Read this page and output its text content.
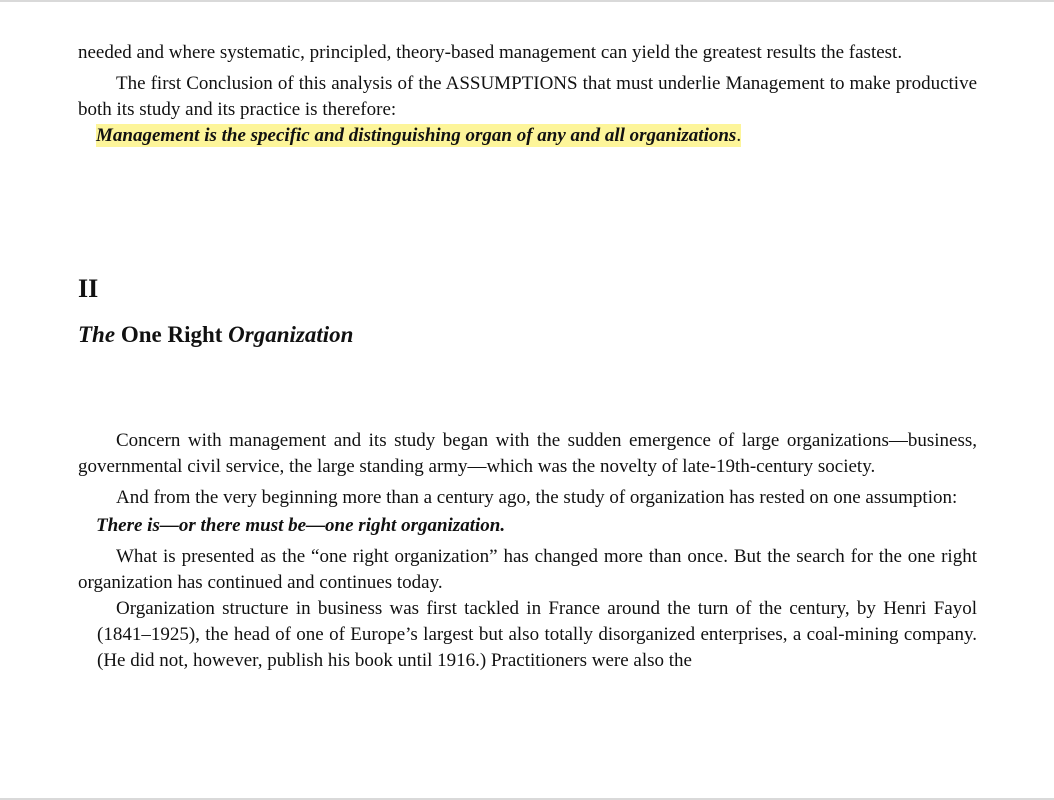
needed and where systematic, principled, theory-based management can yield the greatest results the fastest.

The first Conclusion of this analysis of the ASSUMPTIONS that must underlie Management to make productive both its study and its practice is therefore:

Management is the specific and distinguishing organ of any and all organizations.
II
The One Right Organization

Concern with management and its study began with the sudden emergence of large organizations—business, governmental civil service, the large standing army—which was the novelty of late-19th-century society.

And from the very beginning more than a century ago, the study of organization has rested on one assumption:

There is—or there must be—one right organization.

What is presented as the “one right organization” has changed more than once. But the search for the one right organization has continued and continues today.

Organization structure in business was first tackled in France around the turn of the century, by Henri Fayol (1841–1925), the head of one of Europe’s largest but also totally disorganized enterprises, a coal-mining company. (He did not, however, publish his book until 1916.) Practitioners were also the
